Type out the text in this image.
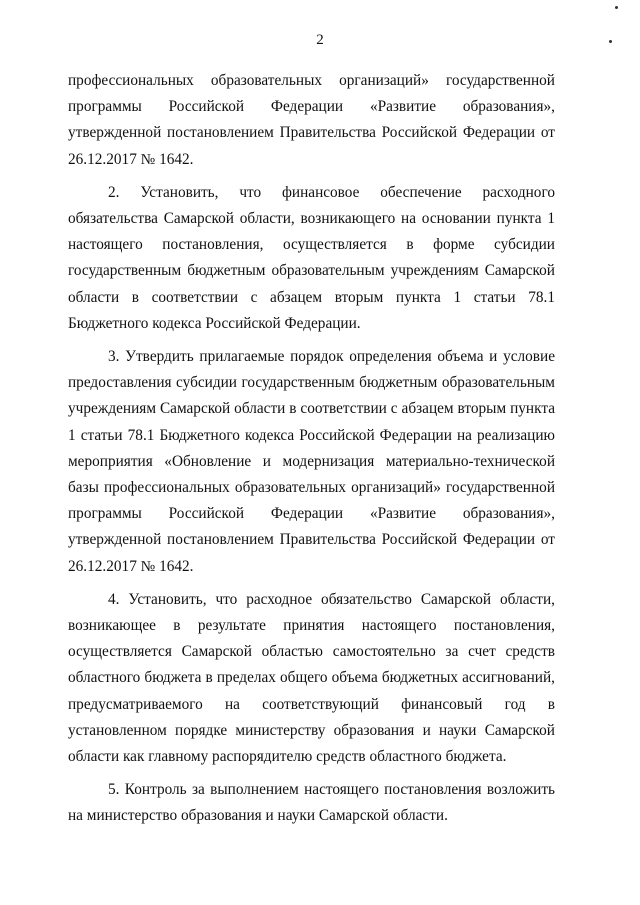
2

профессиональных образовательных организаций» государственной программы Российской Федерации «Развитие образования», утвержденной постановлением Правительства Российской Федерации от 26.12.2017 № 1642.

2. Установить, что финансовое обеспечение расходного обязательства Самарской области, возникающего на основании пункта 1 настоящего постановления, осуществляется в форме субсидии государственным бюджетным образовательным учреждениям Самарской области в соответствии с абзацем вторым пункта 1 статьи 78.1 Бюджетного кодекса Российской Федерации.

3. Утвердить прилагаемые порядок определения объема и условие предоставления субсидии государственным бюджетным образовательным учреждениям Самарской области в соответствии с абзацем вторым пункта 1 статьи 78.1 Бюджетного кодекса Российской Федерации на реализацию мероприятия «Обновление и модернизация материально-технической базы профессиональных образовательных организаций» государственной программы Российской Федерации «Развитие образования», утвержденной постановлением Правительства Российской Федерации от 26.12.2017 № 1642.

4. Установить, что расходное обязательство Самарской области, возникающее в результате принятия настоящего постановления, осуществляется Самарской областью самостоятельно за счет средств областного бюджета в пределах общего объема бюджетных ассигнований, предусматриваемого на соответствующий финансовый год в установленном порядке министерству образования и науки Самарской области как главному распорядителю средств областного бюджета.

5. Контроль за выполнением настоящего постановления возложить на министерство образования и науки Самарской области.
